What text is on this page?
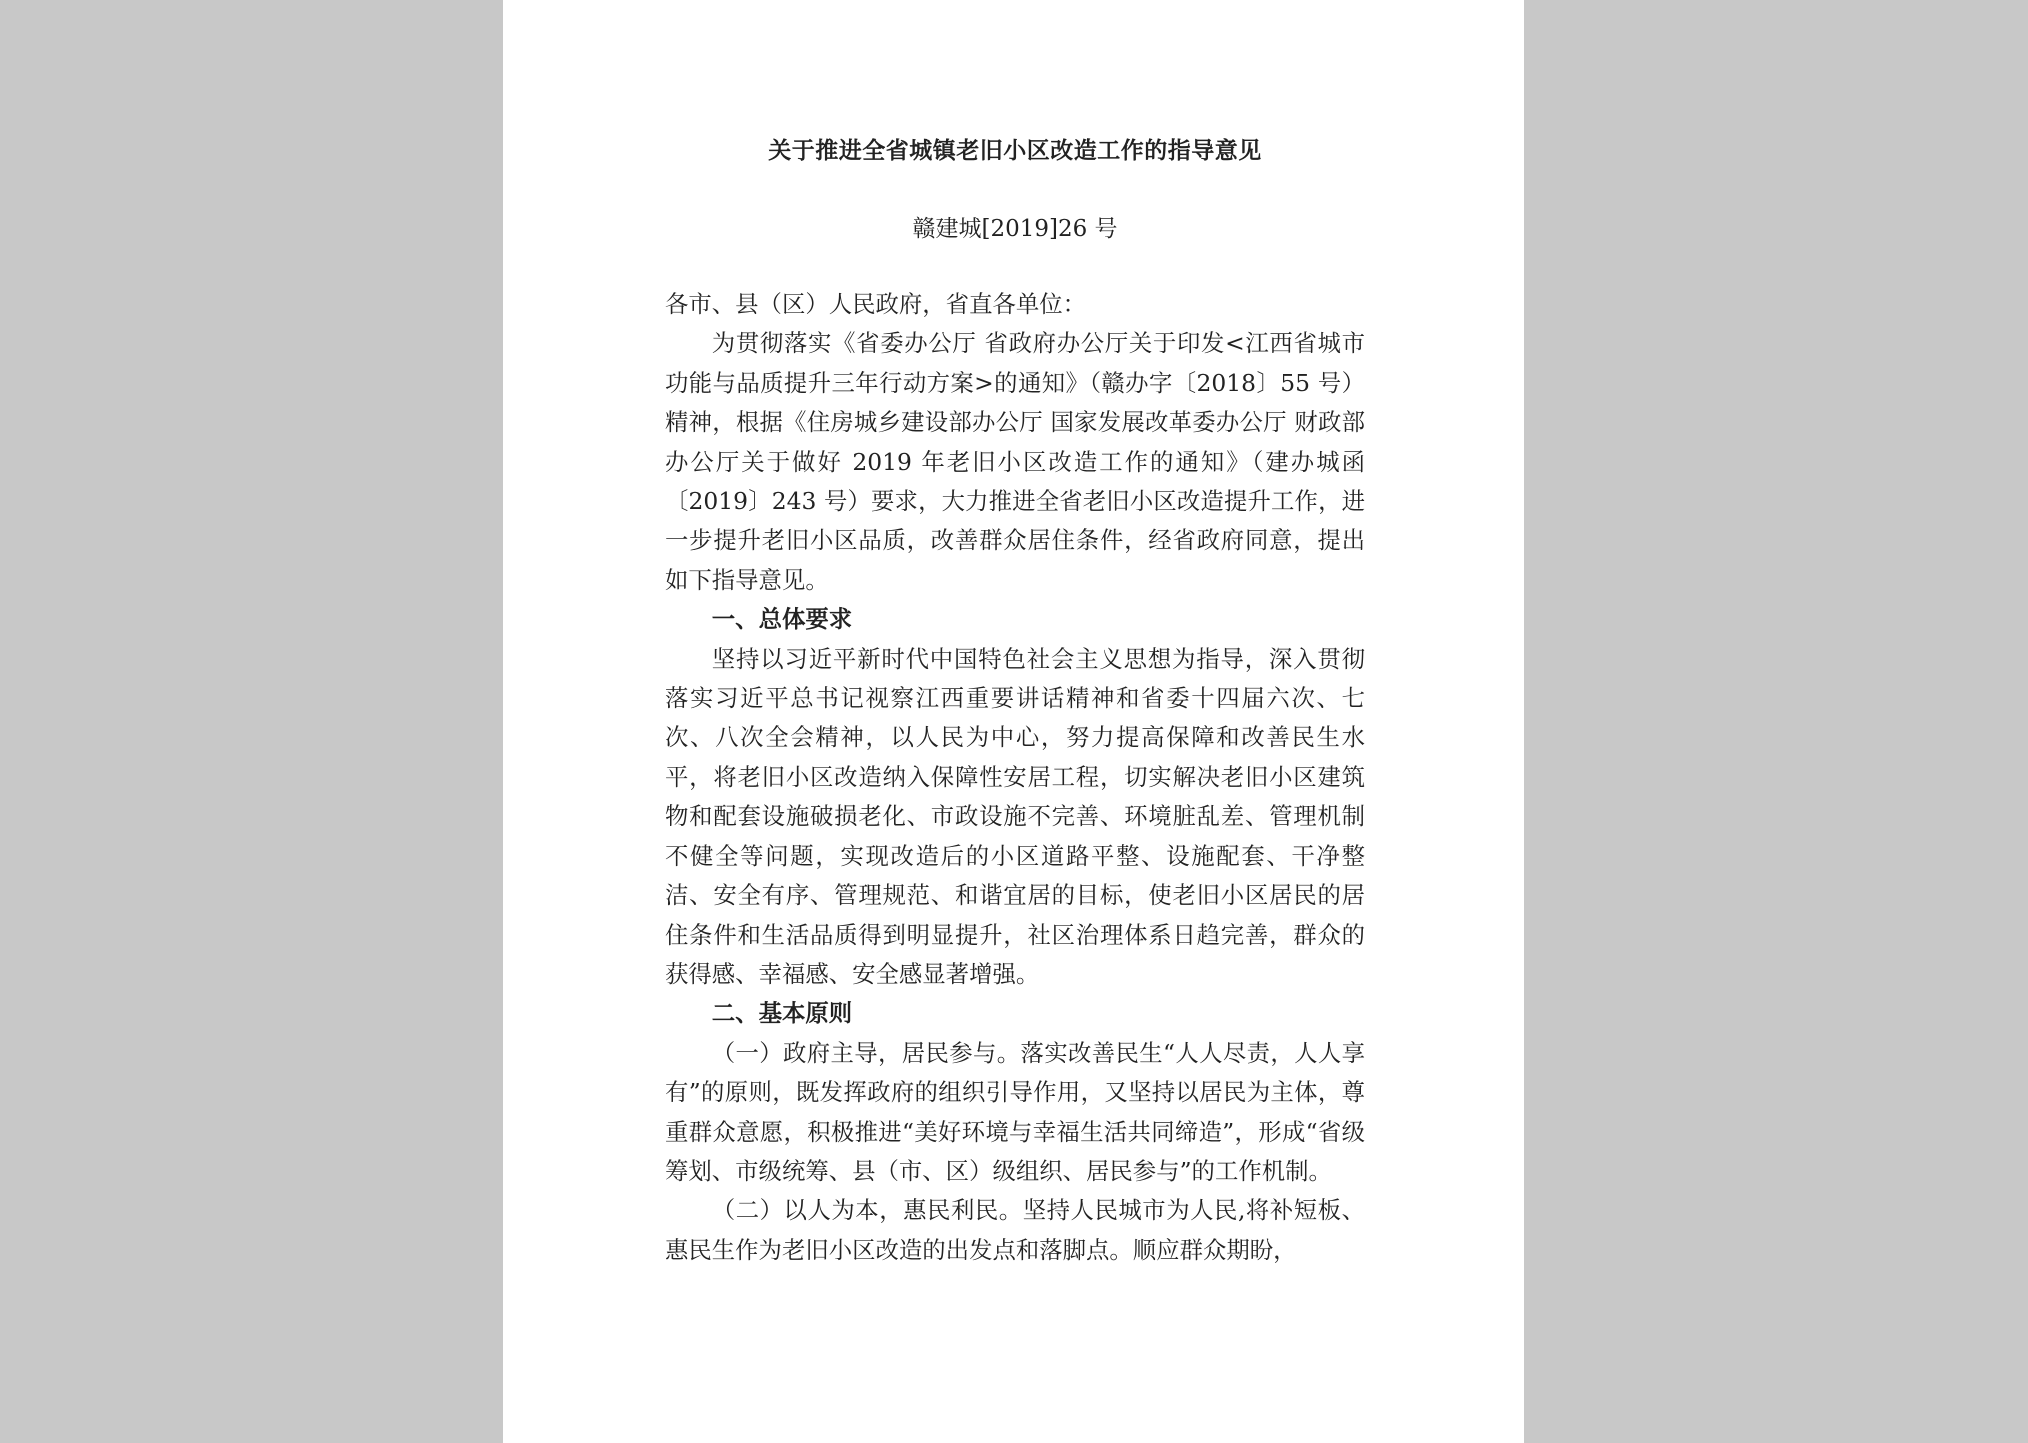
关于推进全省城镇老旧小区改造工作的指导意见
赣建城[2019]26 号

各市、县（区）人民政府，省直各单位：

为贯彻落实《省委办公厅 省政府办公厅关于印发<江西省城市功能与品质提升三年行动方案>的通知》（赣办字〔2018〕55 号）精神，根据《住房城乡建设部办公厅 国家发展改革委办公厅 财政部办公厅关于做好 2019 年老旧小区改造工作的通知》（建办城函〔2019〕243 号）要求，大力推进全省老旧小区改造提升工作，进一步提升老旧小区品质，改善群众居住条件，经省政府同意，提出如下指导意见。

一、总体要求

坚持以习近平新时代中国特色社会主义思想为指导，深入贯彻落实习近平总书记视察江西重要讲话精神和省委十四届六次、七次、八次全会精神，以人民为中心，努力提高保障和改善民生水平，将老旧小区改造纳入保障性安居工程，切实解决老旧小区建筑物和配套设施破损老化、市政设施不完善、环境脏乱差、管理机制不健全等问题，实现改造后的小区道路平整、设施配套、干净整洁、安全有序、管理规范、和谐宜居的目标，使老旧小区居民的居住条件和生活品质得到明显提升，社区治理体系日趋完善，群众的获得感、幸福感、安全感显著增强。

二、基本原则

（一）政府主导，居民参与。落实改善民生“人人尽责，人人享有”的原则，既发挥政府的组织引导作用，又坚持以居民为主体，尊重群众意愿，积极推进“美好环境与幸福生活共同缔造”，形成“省级筹划、市级统筹、县（市、区）级组织、居民参与”的工作机制。

（二）以人为本，惠民利民。坚持人民城市为人民,将补短板、惠民生作为老旧小区改造的出发点和落脚点。顺应群众期盼，
